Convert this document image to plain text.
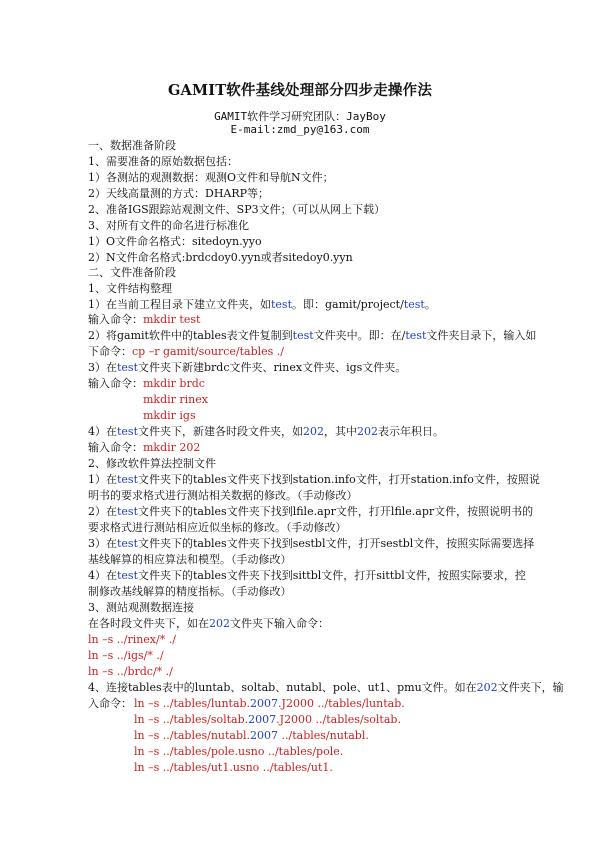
GAMIT软件基线处理部分四步走操作法
GAMIT软件学习研究团队：JayBoy
E-mail:zmd_py@163.com
一、数据准备阶段
1、需要准备的原始数据包括：
1）各测站的观测数据：观测O文件和导航N文件；
2）天线高量测的方式：DHARP等；
2、准备IGS跟踪站观测文件、SP3文件；（可以从网上下载）
3、对所有文件的命名进行标准化
1）O文件命名格式：sitedoyn.yyo
2）N文件命名格式:brdcdoy0.yyn或者sitedoy0.yyn
二、文件准备阶段
1、文件结构整理
1）在当前工程目录下建立文件夹，如test。即：gamit/project/test。
输入命令：mkdir test
2）将gamit软件中的tables表文件复制到test文件夹中。即：在/test文件夹目录下，输入如
下命令：cp –r gamit/source/tables ./
3）在test文件夹下新建brdc文件夹、rinex文件夹、igs文件夹。
输入命令：mkdir brdc
mkdir rinex
mkdir igs
4）在test文件夹下，新建各时段文件夹，如202，其中202表示年积日。
输入命令：mkdir 202
2、修改软件算法控制文件
1）在test文件夹下的tables文件夹下找到station.info文件，打开station.info文件，按照说
明书的要求格式进行测站相关数据的修改。（手动修改）
2）在test文件夹下的tables文件夹下找到lfile.apr文件，打开lfile.apr文件，按照说明书的
要求格式进行测站相应近似坐标的修改。（手动修改）
3）在test文件夹下的tables文件夹下找到sestbl文件，打开sestbl文件，按照实际需要选择
基线解算的相应算法和模型。（手动修改）
4）在test文件夹下的tables文件夹下找到sittbl文件，打开sittbl文件，按照实际要求，控
制修改基线解算的精度指标。（手动修改）
3、测站观测数据连接
在各时段文件夹下，如在202文件夹下输入命令：
ln –s ../rinex/* ./
ln –s ../igs/* ./
ln –s ../brdc/* ./
4、连接tables表中的luntab、soltab、nutabl、pole、ut1、pmu文件。如在202文件夹下，输
入命令： ln –s ../tables/luntab.2007.J2000 ../tables/luntab.
ln –s ../tables/soltab.2007.J2000 ../tables/soltab.
ln –s ../tables/nutabl.2007 ../tables/nutabl.
ln –s ../tables/pole.usno ../tables/pole.
ln –s ../tables/ut1.usno ../tables/ut1.
